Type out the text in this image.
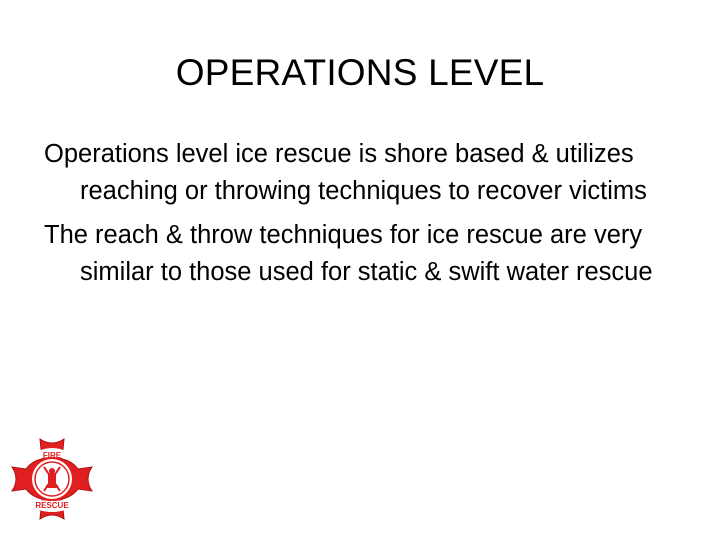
OPERATIONS LEVEL
Operations level ice rescue is shore based & utilizes reaching or throwing techniques to recover victims
The reach & throw techniques for ice rescue are very similar to those used for static & swift water rescue
FIRE
RESCUE
